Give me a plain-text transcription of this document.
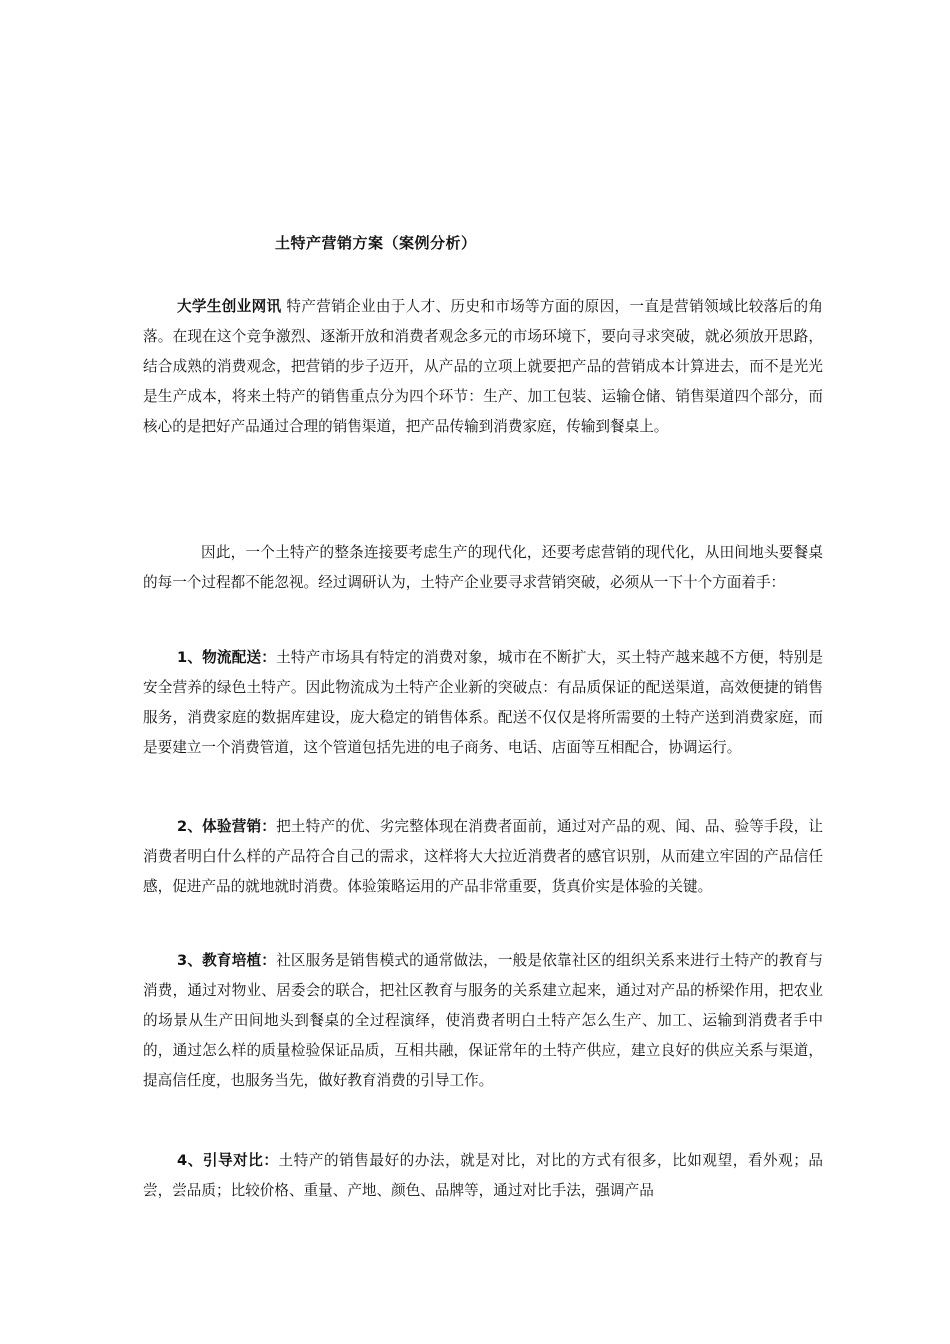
土特产营销方案（案例分析）

大学生创业网讯 特产营销企业由于人才、历史和市场等方面的原因，一直是营销领域比较落后的角落。在现在这个竞争激烈、逐渐开放和消费者观念多元的市场环境下，要向寻求突破，就必须放开思路，结合成熟的消费观念，把营销的步子迈开，从产品的立项上就要把产品的营销成本计算进去，而不是光光是生产成本，将来土特产的销售重点分为四个环节：生产、加工包装、运输仓储、销售渠道四个部分，而核心的是把好产品通过合理的销售渠道，把产品传输到消费家庭，传输到餐桌上。

因此，一个土特产的整条连接要考虑生产的现代化，还要考虑营销的现代化，从田间地头要餐桌的每一个过程都不能忽视。经过调研认为，土特产企业要寻求营销突破，必须从一下十个方面着手：

1、物流配送：土特产市场具有特定的消费对象，城市在不断扩大，买土特产越来越不方便，特别是安全营养的绿色土特产。因此物流成为土特产企业新的突破点：有品质保证的配送渠道，高效便捷的销售服务，消费家庭的数据库建设，庞大稳定的销售体系。配送不仅仅是将所需要的土特产送到消费家庭，而是要建立一个消费管道，这个管道包括先进的电子商务、电话、店面等互相配合，协调运行。

2、体验营销：把土特产的优、劣完整体现在消费者面前，通过对产品的观、闻、品、验等手段，让消费者明白什么样的产品符合自己的需求，这样将大大拉近消费者的感官识别，从而建立牢固的产品信任感，促进产品的就地就时消费。体验策略运用的产品非常重要，货真价实是体验的关键。

3、教育培植：社区服务是销售模式的通常做法，一般是依靠社区的组织关系来进行土特产的教育与消费，通过对物业、居委会的联合，把社区教育与服务的关系建立起来，通过对产品的桥梁作用，把农业的场景从生产田间地头到餐桌的全过程演绎，使消费者明白土特产怎么生产、加工、运输到消费者手中的，通过怎么样的质量检验保证品质，互相共融，保证常年的土特产供应，建立良好的供应关系与渠道，提高信任度，也服务当先，做好教育消费的引导工作。

4、引导对比：土特产的销售最好的办法，就是对比，对比的方式有很多，比如观望，看外观；品尝，尝品质；比较价格、重量、产地、颜色、品牌等，通过对比手法，强调产品
